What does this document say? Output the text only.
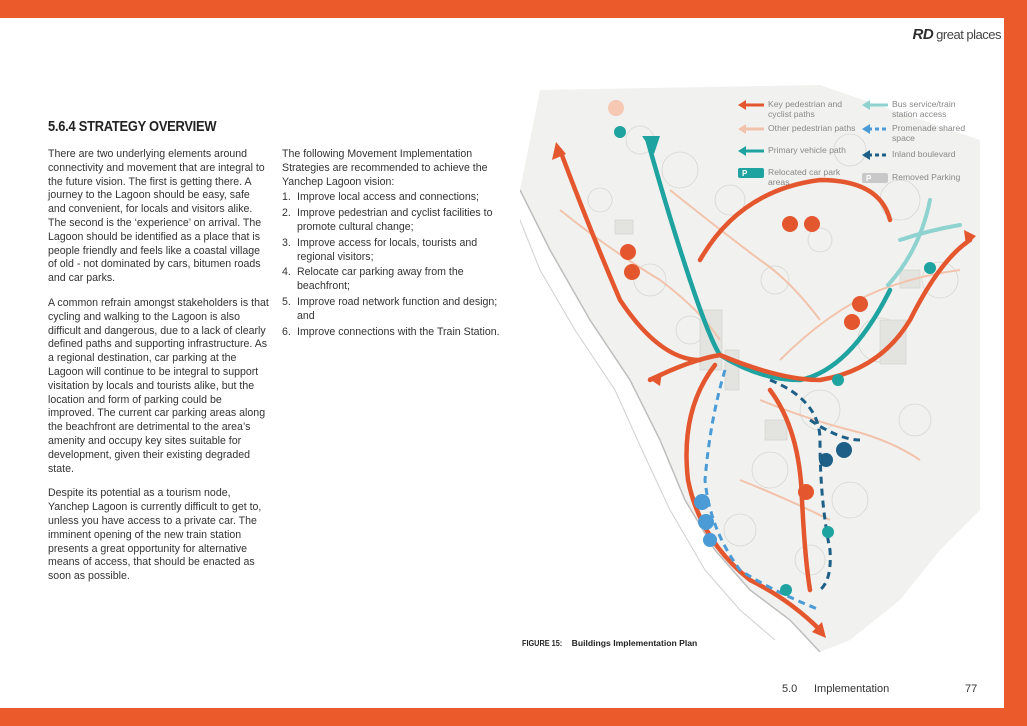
RD great places
5.6.4 STRATEGY OVERVIEW

There are two underlying elements around connectivity and movement that are integral to the future vision. The first is getting there. A journey to the Lagoon should be easy, safe and convenient, for locals and visitors alike. The second is the ‘experience’ on arrival. The Lagoon should be identified as a place that is people friendly and feels like a coastal village of old - not dominated by cars, bitumen roads and car parks.

A common refrain amongst stakeholders is that cycling and walking to the Lagoon is also difficult and dangerous, due to a lack of clearly defined paths and supporting infrastructure. As a regional destination, car parking at the Lagoon will continue to be integral to support visitation by locals and tourists alike, but the location and form of parking could be improved. The current car parking areas along the beachfront are detrimental to the area’s amenity and occupy key sites suitable for development, given their existing degraded state.

Despite its potential as a tourism node, Yanchep Lagoon is currently difficult to get to, unless you have access to a private car. The imminent opening of the new train station presents a great opportunity for alternative means of access, that should be enacted as soon as possible.

The following Movement Implementation Strategies are recommended to achieve the Yanchep Lagoon vision:

1. Improve local access and connections;
2. Improve pedestrian and cyclist facilities to promote cultural change;
3. Improve access for locals, tourists and regional visitors;
4. Relocate car parking away from the beachfront;
5. Improve road network function and design; and
6. Improve connections with the Train Station.
Key pedestrian and cyclist paths
Other pedestrian paths
Primary vehicle path
P Relocated car park areas
Bus service/train station access
Promenade shared space
Inland boulevard
P Removed Parking
FIGURE 15: Buildings Implementation Plan
5.0 Implementation	77
